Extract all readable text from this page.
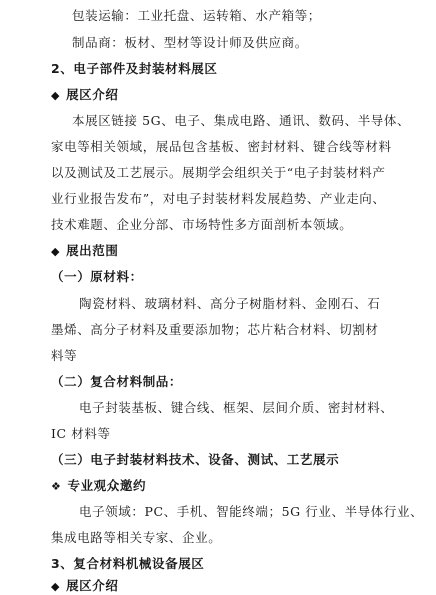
包装运输：工业托盘、运转箱、水产箱等；
制品商：板材、型材等设计师及供应商。
2、电子部件及封装材料展区
展区介绍
本展区链接 5G、电子、集成电路、通讯、数码、半导体、
家电等相关领域，展品包含基板、密封材料、键合线等材料
以及测试及工艺展示。展期学会组织关于“电子封装材料产
业行业报告发布”，对电子封装材料发展趋势、产业走向、
技术难题、企业分部、市场特性多方面剖析本领域。
展出范围
（一）原材料：
陶瓷材料、玻璃材料、高分子树脂材料、金刚石、石
墨烯、高分子材料及重要添加物；芯片粘合材料、切割材
料等
（二）复合材料制品：
电子封装基板、键合线、框架、层间介质、密封材料、
IC 材料等
（三）电子封装材料技术、设备、测试、工艺展示
专业观众邀约
电子领域：PC、手机、智能终端；5G 行业、半导体行业、
集成电路等相关专家、企业。
3、复合材料机械设备展区
展区介绍
